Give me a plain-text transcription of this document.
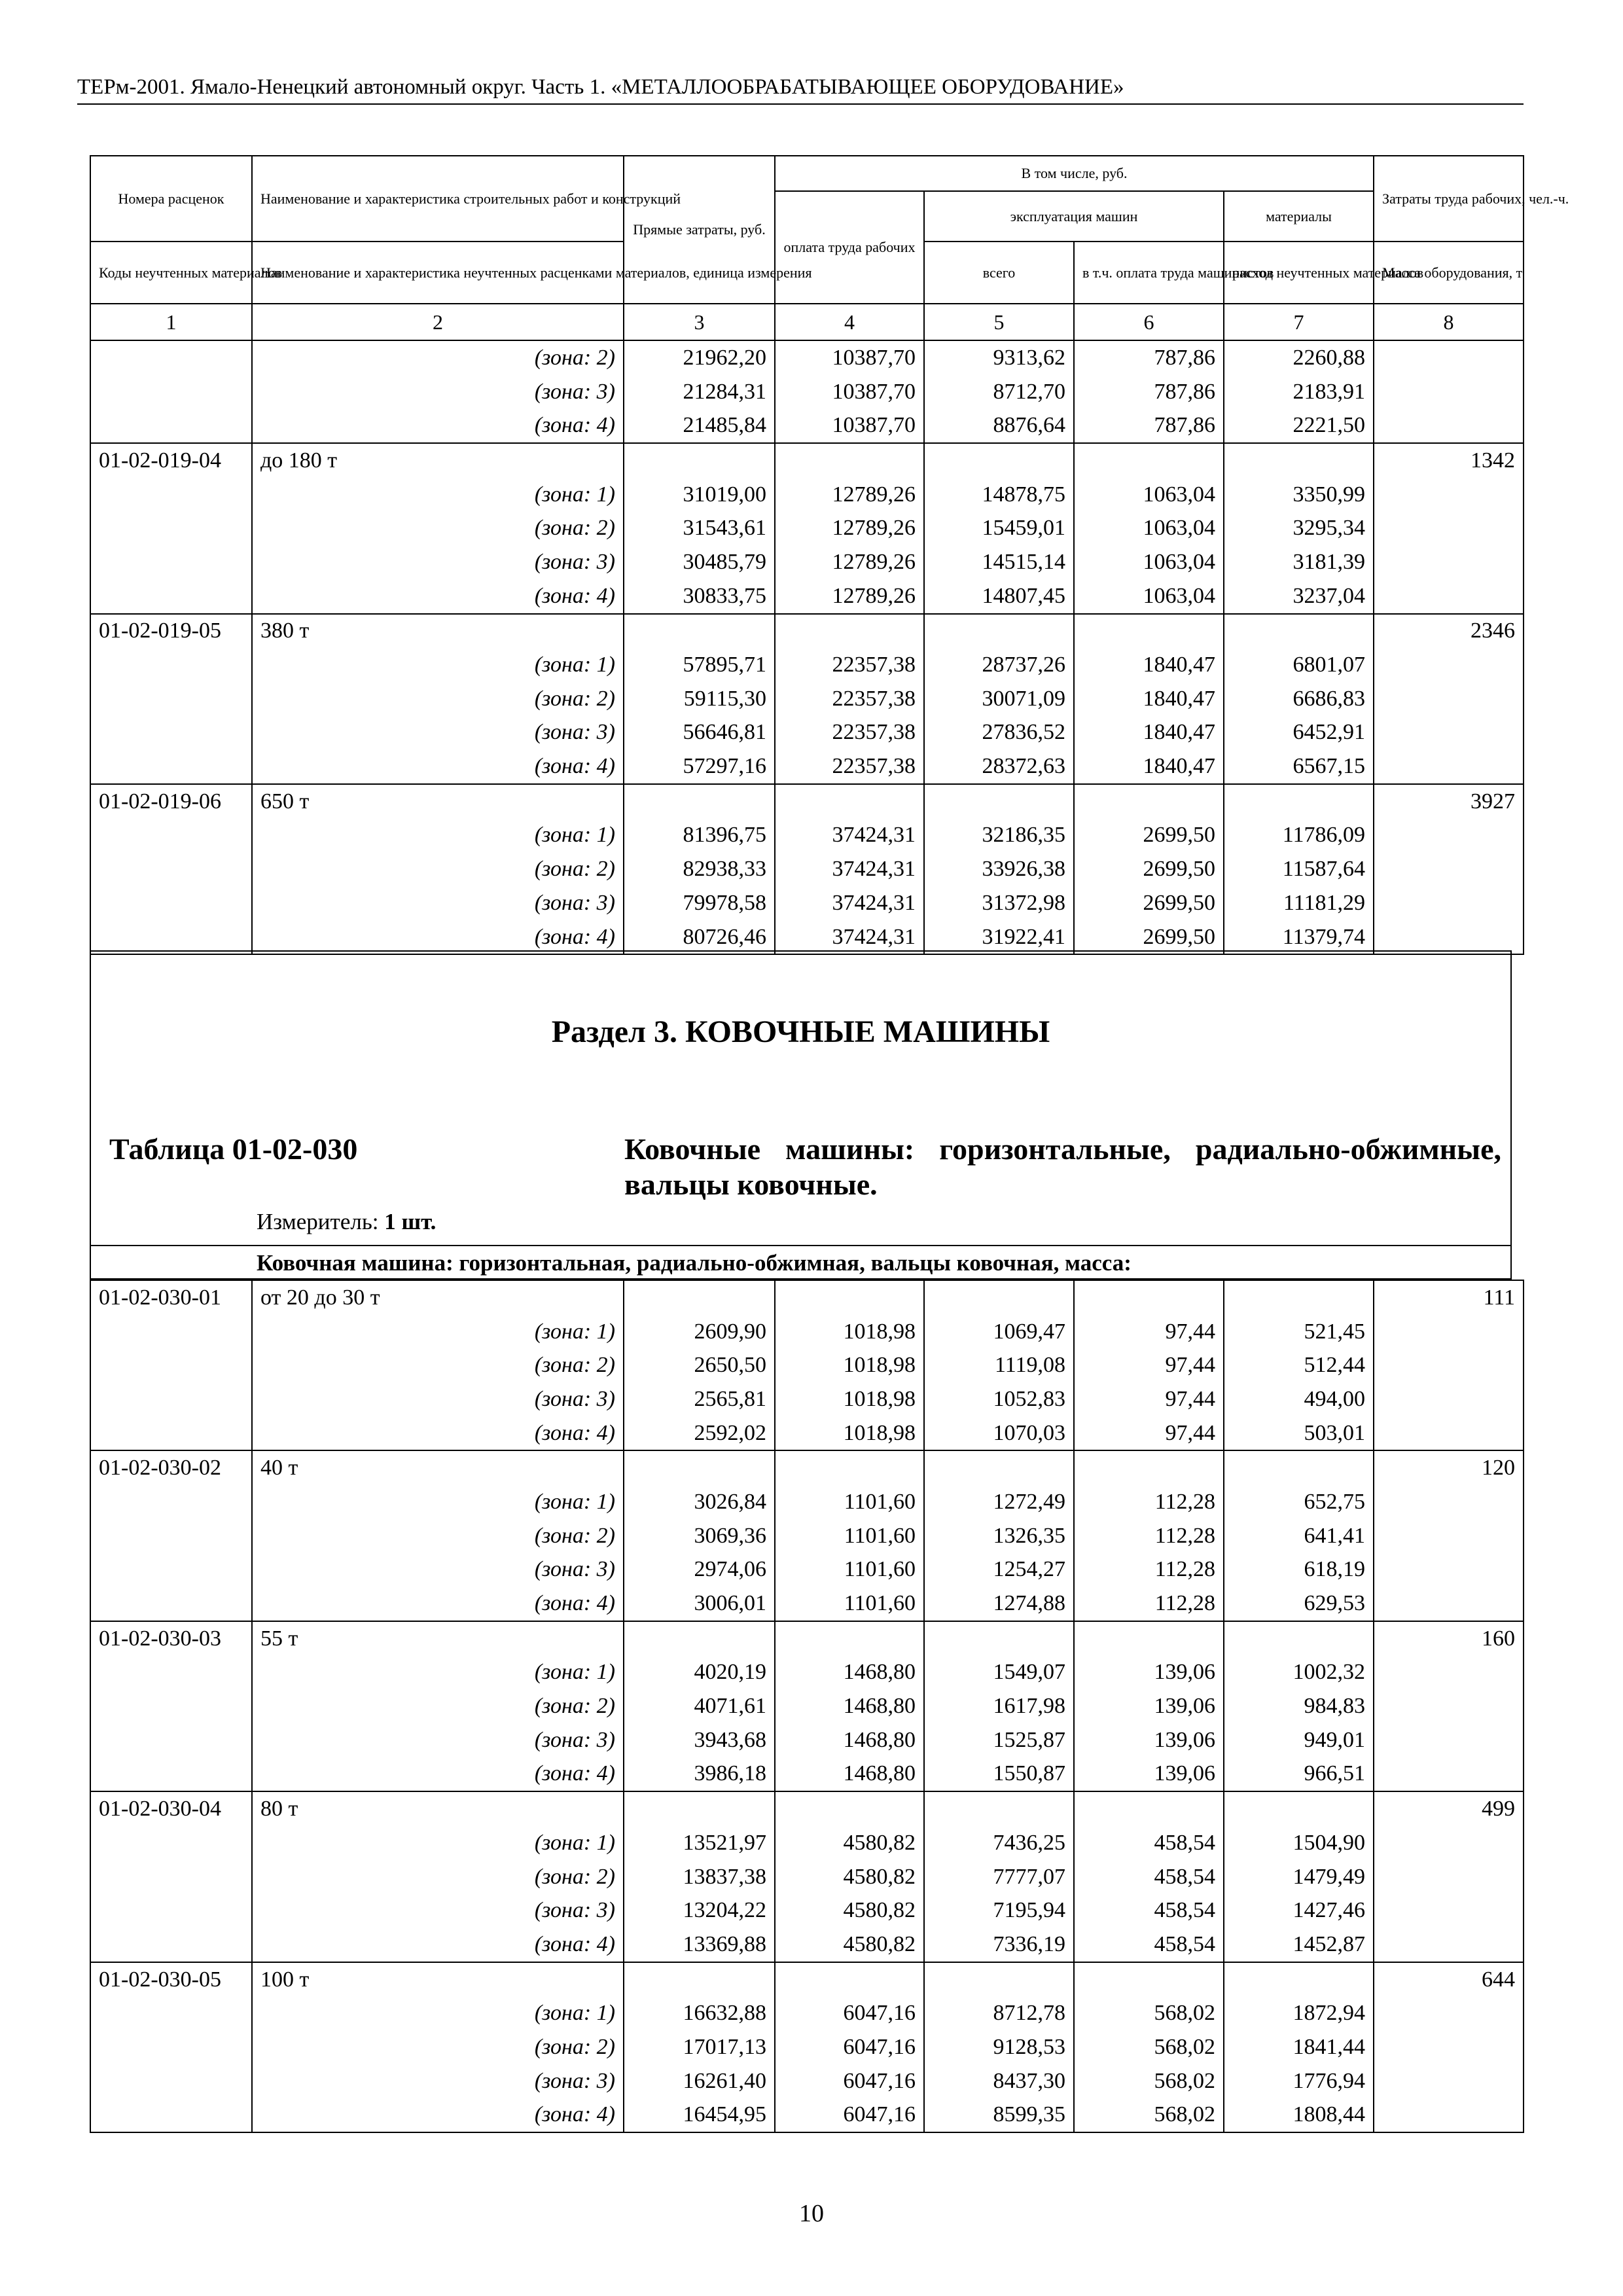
ТЕРм-2001. Ямало-Ненецкий автономный округ. Часть 1. «МЕТАЛЛООБРАБАТЫВАЮЩЕЕ ОБОРУДОВАНИЕ»
Номера расценок	Наименование и характеристика строительных работ и конструкций	Прямые затраты, руб.	В том числе, руб.				Затраты труда рабочих, чел.-ч.
			оплата труда рабочих	эксплуатация машин		материалы	
Коды неучтенных материалов	Наименование и характеристика неучтенных расценками материалов, единица измерения			всего	в т.ч. оплата труда машинистов	расход неучтенных материалов	Масса оборудования, т
1	2	3	4	5	6	7	8
	(зона: 2)	21962,20	10387,70	9313,62	787,86	2260,88	
	(зона: 3)	21284,31	10387,70	8712,70	787,86	2183,91	
	(зона: 4)	21485,84	10387,70	8876,64	787,86	2221,50	
01-02-019-04	до 180 т						1342
	(зона: 1)	31019,00	12789,26	14878,75	1063,04	3350,99	
	(зона: 2)	31543,61	12789,26	15459,01	1063,04	3295,34	
	(зона: 3)	30485,79	12789,26	14515,14	1063,04	3181,39	
	(зона: 4)	30833,75	12789,26	14807,45	1063,04	3237,04	
01-02-019-05	380 т						2346
	(зона: 1)	57895,71	22357,38	28737,26	1840,47	6801,07	
	(зона: 2)	59115,30	22357,38	30071,09	1840,47	6686,83	
	(зона: 3)	56646,81	22357,38	27836,52	1840,47	6452,91	
	(зона: 4)	57297,16	22357,38	28372,63	1840,47	6567,15	
01-02-019-06	650 т						3927
	(зона: 1)	81396,75	37424,31	32186,35	2699,50	11786,09	
	(зона: 2)	82938,33	37424,31	33926,38	2699,50	11587,64	
	(зона: 3)	79978,58	37424,31	31372,98	2699,50	11181,29	
	(зона: 4)	80726,46	37424,31	31922,41	2699,50	11379,74	
Раздел 3. КОВОЧНЫЕ МАШИНЫ
Таблица 01-02-030	Ковочные машины: горизонтальные, радиально-обжимные, вальцы ковочные.
Измеритель: 1 шт.
Ковочная машина: горизонтальная, радиально-обжимная, вальцы ковочная, масса:
01-02-030-01	от 20 до 30 т						111
	(зона: 1)	2609,90	1018,98	1069,47	97,44	521,45	
	(зона: 2)	2650,50	1018,98	1119,08	97,44	512,44	
	(зона: 3)	2565,81	1018,98	1052,83	97,44	494,00	
	(зона: 4)	2592,02	1018,98	1070,03	97,44	503,01	
01-02-030-02	40 т						120
	(зона: 1)	3026,84	1101,60	1272,49	112,28	652,75	
	(зона: 2)	3069,36	1101,60	1326,35	112,28	641,41	
	(зона: 3)	2974,06	1101,60	1254,27	112,28	618,19	
	(зона: 4)	3006,01	1101,60	1274,88	112,28	629,53	
01-02-030-03	55 т						160
	(зона: 1)	4020,19	1468,80	1549,07	139,06	1002,32	
	(зона: 2)	4071,61	1468,80	1617,98	139,06	984,83	
	(зона: 3)	3943,68	1468,80	1525,87	139,06	949,01	
	(зона: 4)	3986,18	1468,80	1550,87	139,06	966,51	
01-02-030-04	80 т						499
	(зона: 1)	13521,97	4580,82	7436,25	458,54	1504,90	
	(зона: 2)	13837,38	4580,82	7777,07	458,54	1479,49	
	(зона: 3)	13204,22	4580,82	7195,94	458,54	1427,46	
	(зона: 4)	13369,88	4580,82	7336,19	458,54	1452,87	
01-02-030-05	100 т						644
	(зона: 1)	16632,88	6047,16	8712,78	568,02	1872,94	
	(зона: 2)	17017,13	6047,16	9128,53	568,02	1841,44	
	(зона: 3)	16261,40	6047,16	8437,30	568,02	1776,94	
	(зона: 4)	16454,95	6047,16	8599,35	568,02	1808,44	
10
